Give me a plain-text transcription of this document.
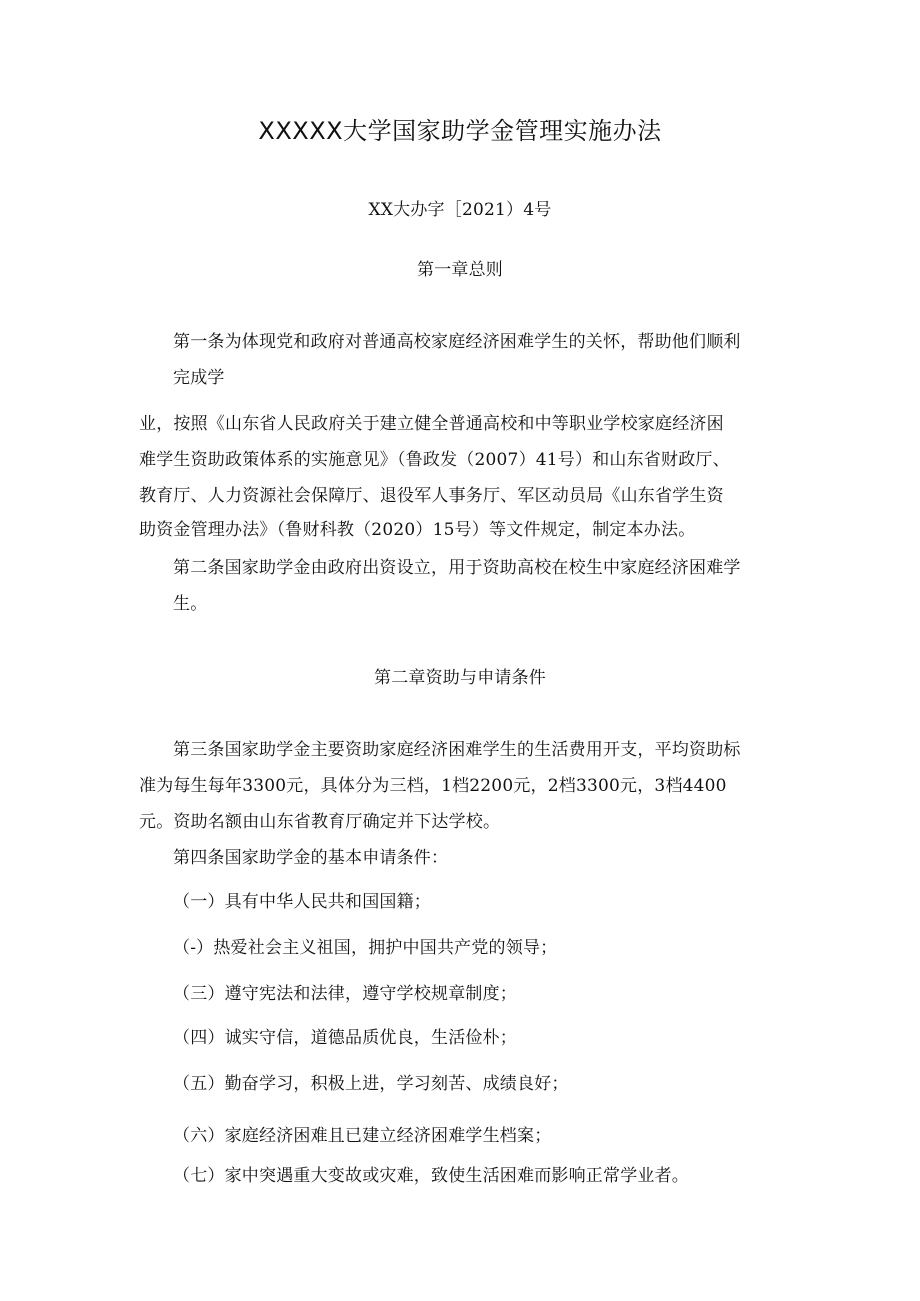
XXXXX大学国家助学金管理实施办法
XX大办字［2021）4号
第一章总则
第一条为体现党和政府对普通高校家庭经济困难学生的关怀，帮助他们顺利
完成学
业，按照《山东省人民政府关于建立健全普通高校和中等职业学校家庭经济困
难学生资助政策体系的实施意见》（鲁政发（2007）41号）和山东省财政厅、
教育厅、人力资源社会保障厅、退役军人事务厅、军区动员局《山东省学生资
助资金管理办法》（鲁财科教（2020）15号）等文件规定，制定本办法。
第二条国家助学金由政府出资设立，用于资助高校在校生中家庭经济困难学
生。
第二章资助与申请条件
第三条国家助学金主要资助家庭经济困难学生的生活费用开支，平均资助标
准为每生每年3300元，具体分为三档，1档2200元，2档3300元，3档4400
元。资助名额由山东省教育厅确定并下达学校。
第四条国家助学金的基本申请条件：
（一）具有中华人民共和国国籍；
（-）热爱社会主义祖国，拥护中国共产党的领导；
（三）遵守宪法和法律，遵守学校规章制度；
（四）诚实守信，道德品质优良，生活俭朴；
（五）勤奋学习，积极上进，学习刻苦、成绩良好；
（六）家庭经济困难且已建立经济困难学生档案；
（七）家中突遇重大变故或灾难，致使生活困难而影响正常学业者。
